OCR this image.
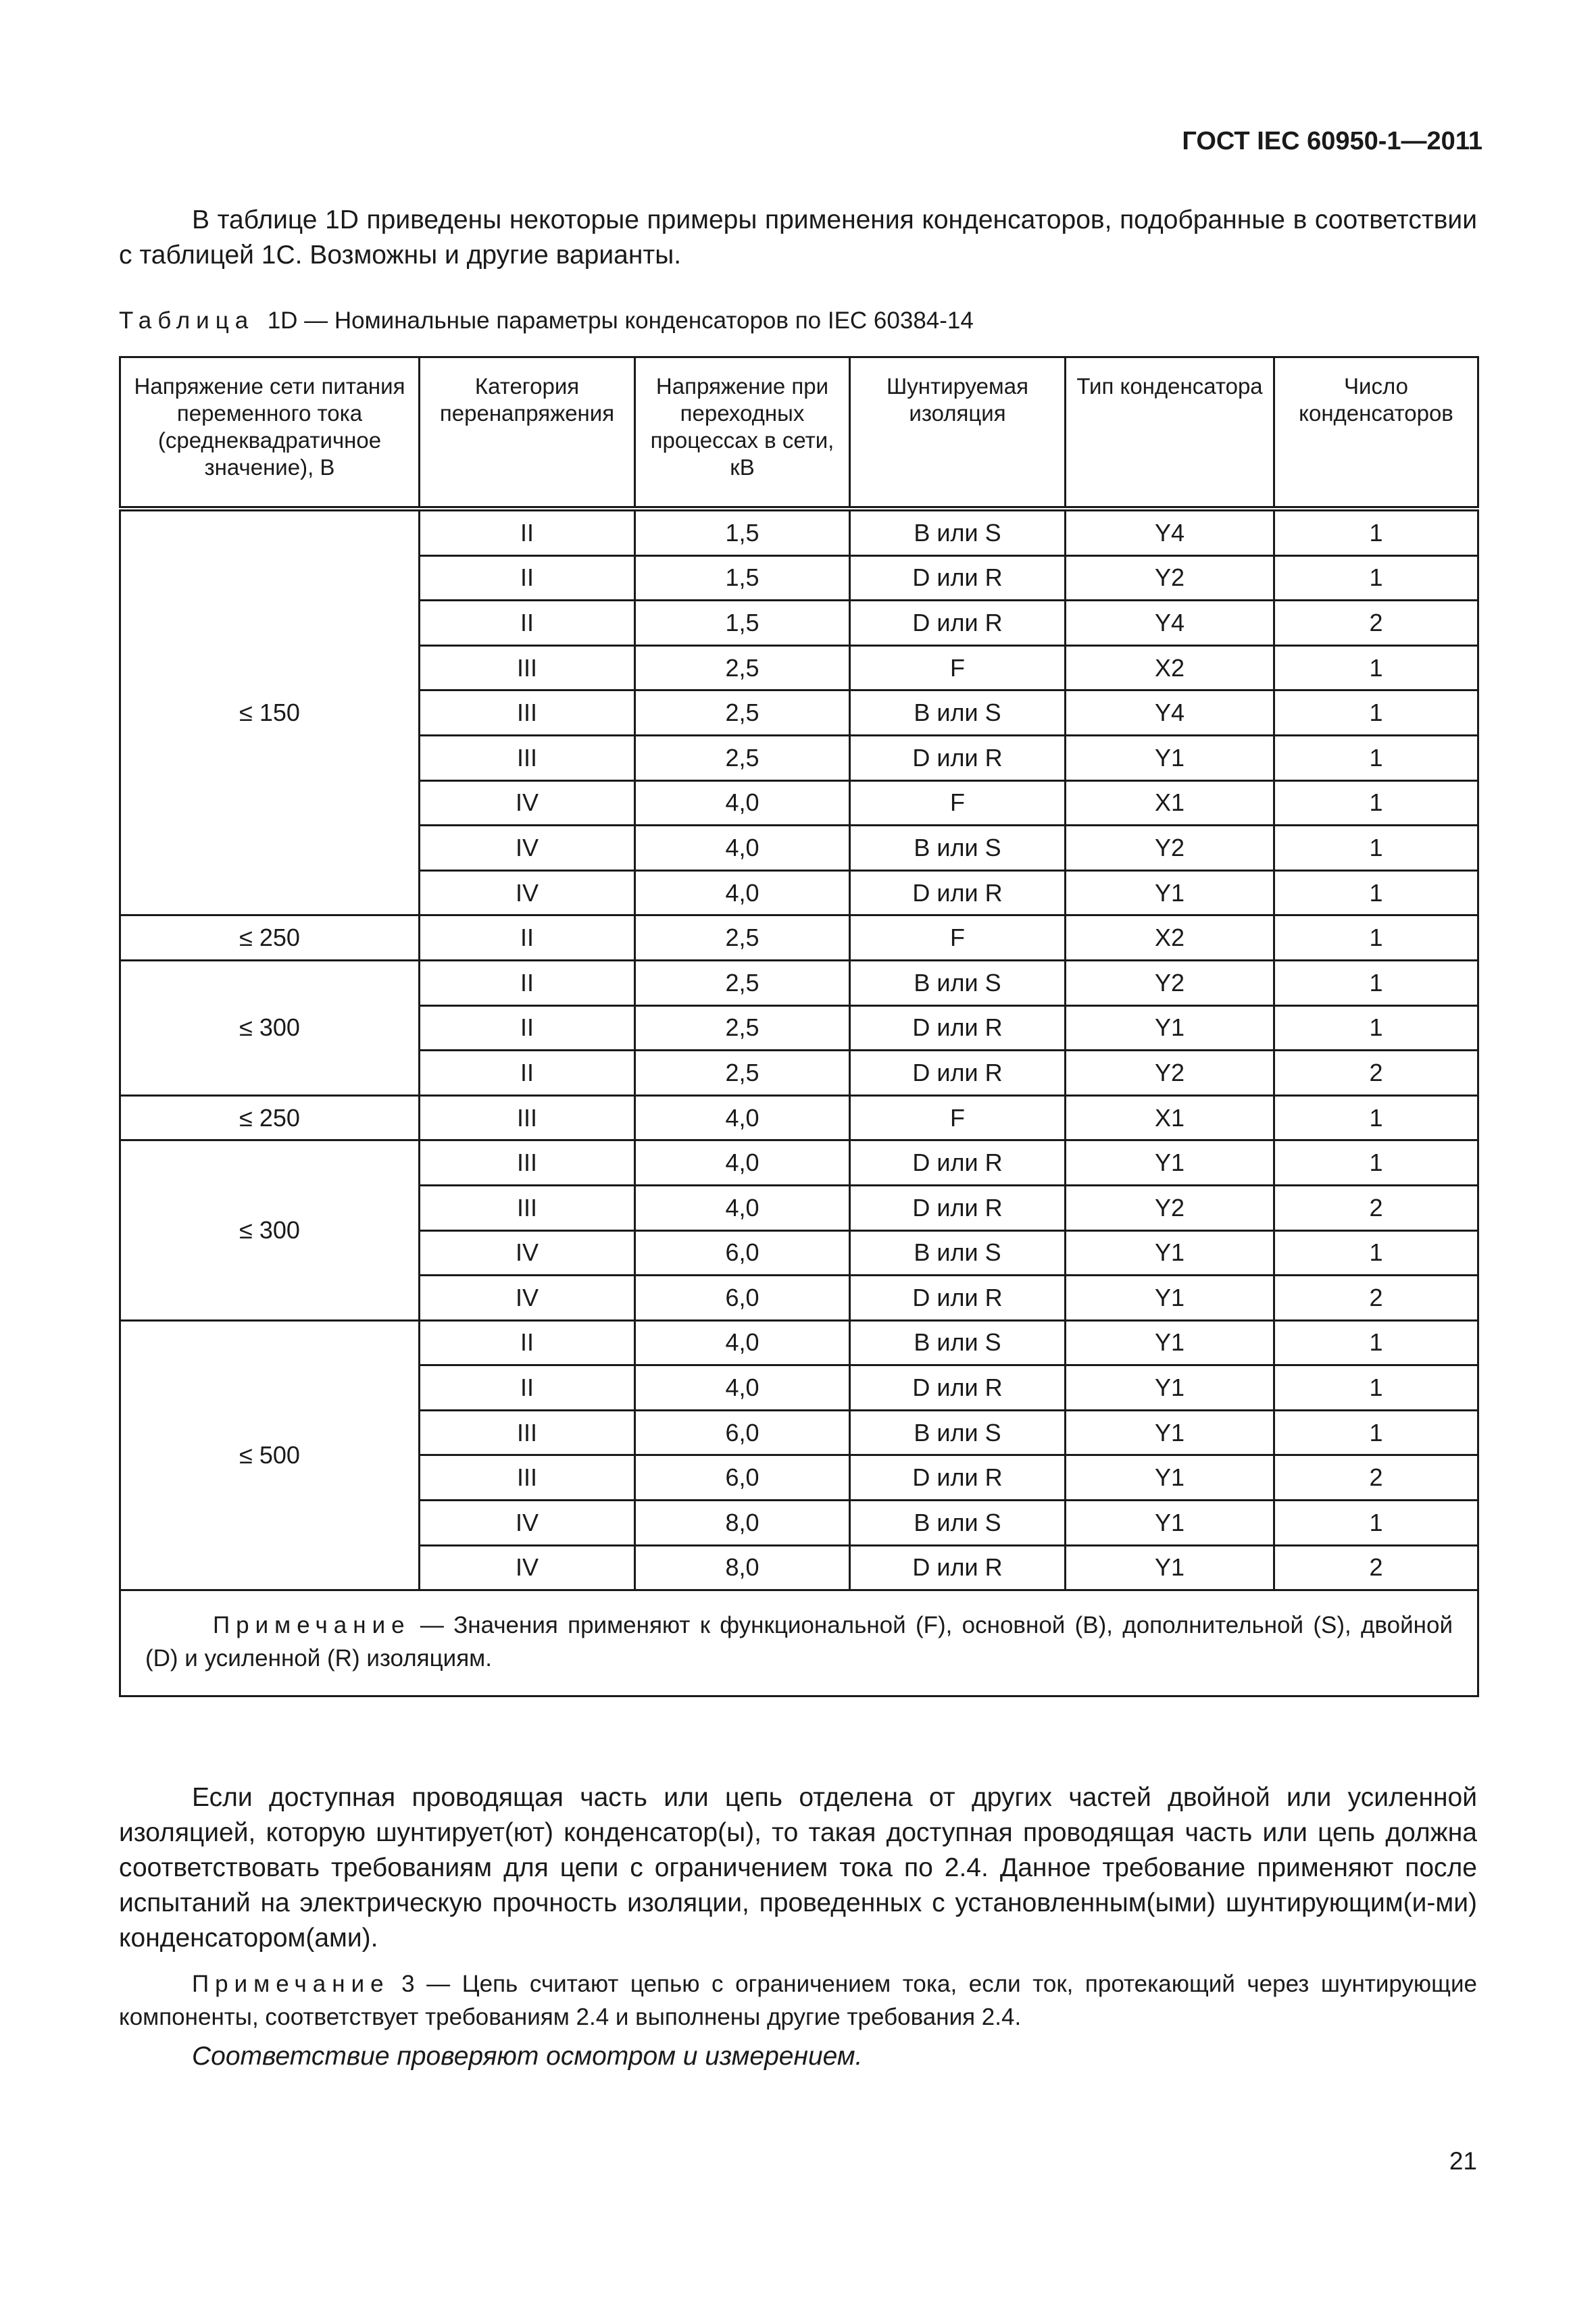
ГОСТ IEC 60950-1—2011

В таблице 1D приведены некоторые примеры применения конденсаторов, подобранные в соответствии с таблицей 1С. Возможны и другие варианты.

Таблица 1D — Номинальные параметры конденсаторов по IEC 60384-14
Напряжение сети питания переменного тока (среднеквадратичное значение), В	Категория перенапряжения	Напряжение при переходных процессах в сети, кВ	Шунтируемая изоляция	Тип конденсатора	Число конденсаторов
≤ 150	II	1,5	В или S	Y4	1
	II	1,5	D или R	Y2	1
	II	1,5	D или R	Y4	2
	III	2,5	F	X2	1
	III	2,5	В или S	Y4	1
	III	2,5	D или R	Y1	1
	IV	4,0	F	X1	1
	IV	4,0	В или S	Y2	1
	IV	4,0	D или R	Y1	1
≤ 250	II	2,5	F	X2	1
≤ 300	II	2,5	В или S	Y2	1
	II	2,5	D или R	Y1	1
	II	2,5	D или R	Y2	2
≤ 250	III	4,0	F	X1	1
≤ 300	III	4,0	D или R	Y1	1
	III	4,0	D или R	Y2	2
	IV	6,0	В или S	Y1	1
	IV	6,0	D или R	Y1	2
≤ 500	II	4,0	В или S	Y1	1
	II	4,0	D или R	Y1	1
	III	6,0	В или S	Y1	1
	III	6,0	D или R	Y1	2
	IV	8,0	В или S	Y1	1
	IV	8,0	D или R	Y1	2
Примечание — Значения применяют к функциональной (F), основной (В), дополнительной (S), двойной (D) и усиленной (R) изоляциям.					

Если доступная проводящая часть или цепь отделена от других частей двойной или усиленной изоляцией, которую шунтирует(ют) конденсатор(ы), то такая доступная проводящая часть или цепь должна соответствовать требованиям для цепи с ограничением тока по 2.4. Данное требование применяют после испытаний на электрическую прочность изоляции, проведенных с установленным(ыми) шунтирующим(и-ми) конденсатором(ами).

Примечание 3 — Цепь считают цепью с ограничением тока, если ток, протекающий через шунтирующие компоненты, соответствует требованиям 2.4 и выполнены другие требования 2.4.

Соответствие проверяют осмотром и измерением.
21
